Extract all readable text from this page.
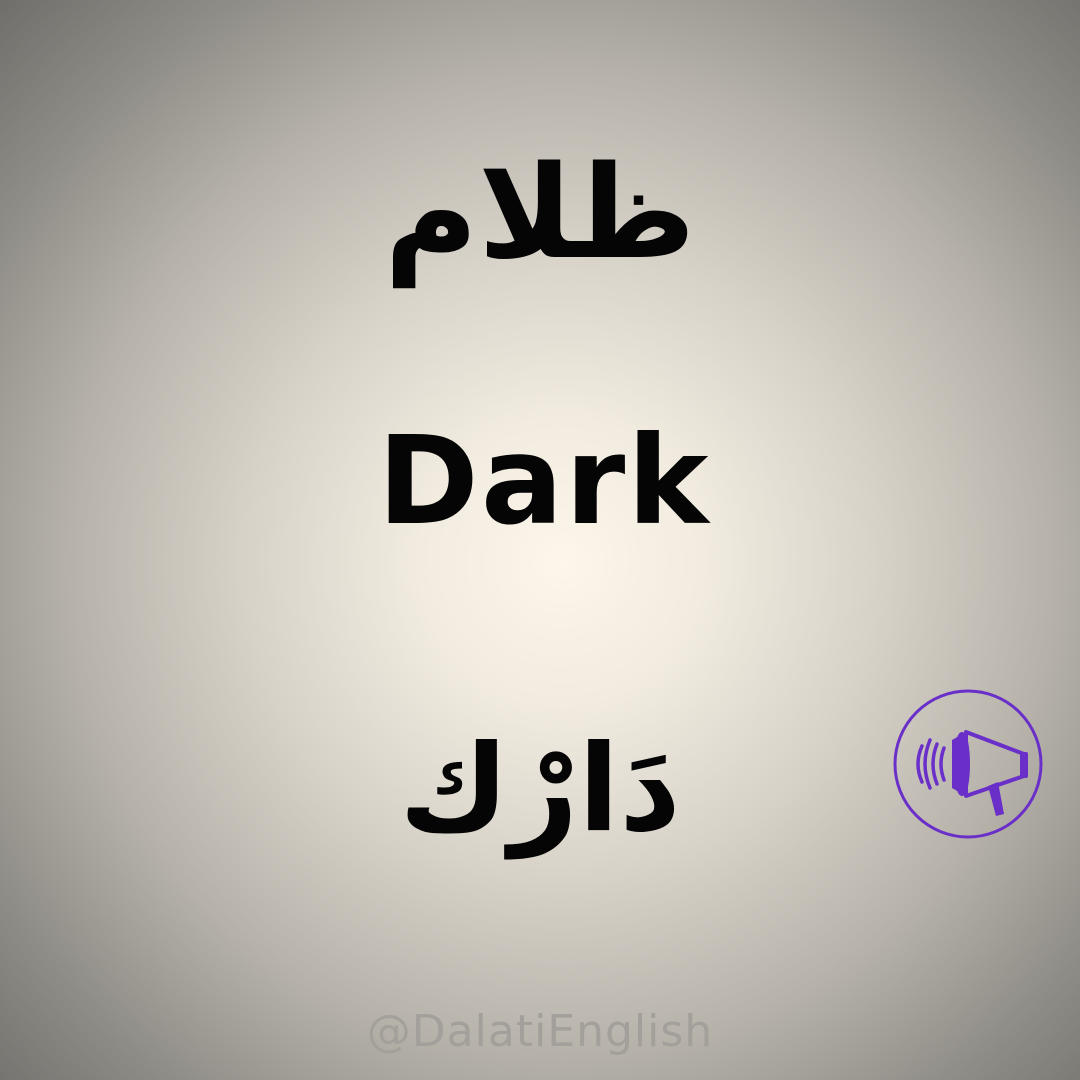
ظلام
Dark
دَارْك
@DalatiEnglish
